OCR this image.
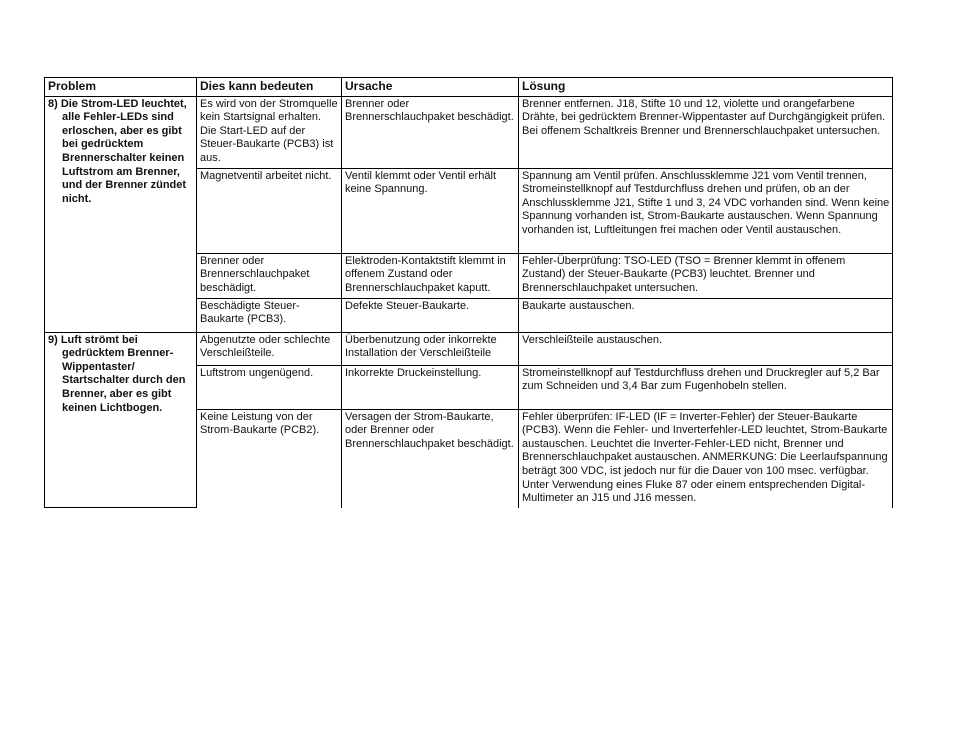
Problem	Dies kann bedeuten	Ursache	Lösung

8) Die Strom-LED leuchtet, alle Fehler-LEDs sind erloschen, aber es gibt bei gedrücktem Brennerschalter keinen Luftstrom am Brenner, und der Brenner zündet nicht.	Es wird von der Stromquelle kein Startsignal erhalten. Die Start-LED auf der Steuer-Baukarte (PCB3) ist aus.	Brenner oder Brennerschlauchpaket beschädigt.	Brenner entfernen. J18, Stifte 10 und 12, violette und orangefarbene Drähte, bei gedrücktem Brenner-Wippentaster auf Durchgängigkeit prüfen. Bei offenem Schaltkreis Brenner und Brennerschlauchpaket untersuchen.
	Magnetventil arbeitet nicht.	Ventil klemmt oder Ventil erhält keine Spannung.	Spannung am Ventil prüfen. Anschlussklemme J21 vom Ventil trennen, Stromeinstellknopf auf Testdurchfluss drehen und prüfen, ob an der Anschlussklemme J21, Stifte 1 und 3, 24 VDC vorhanden sind. Wenn keine Spannung vorhanden ist, Strom-Baukarte austauschen. Wenn Spannung vorhanden ist, Luftleitungen frei machen oder Ventil austauschen.
	Brenner oder Brennerschlauchpaket beschädigt.	Elektroden-Kontaktstift klemmt in offenem Zustand oder Brennerschlauchpaket kaputt.	Fehler-Überprüfung: TSO-LED (TSO = Brenner klemmt in offenem Zustand) der Steuer-Baukarte (PCB3) leuchtet. Brenner und Brennerschlauchpaket untersuchen.
	Beschädigte Steuer-Baukarte (PCB3).	Defekte Steuer-Baukarte.	Baukarte austauschen.

9) Luft strömt bei gedrücktem Brenner-Wippentaster/ Startschalter durch den Brenner, aber es gibt keinen Lichtbogen.	Abgenutzte oder schlechte Verschleißteile.	Überbenutzung oder inkorrekte Installation der Verschleißteile	Verschleißteile austauschen.
	Luftstrom ungenügend.	Inkorrekte Druckeinstellung.	Stromeinstellknopf auf Testdurchfluss drehen und Druckregler auf 5,2 Bar zum Schneiden und 3,4 Bar zum Fugenhobeln stellen.
	Keine Leistung von der Strom-Baukarte (PCB2).	Versagen der Strom-Baukarte, oder Brenner oder Brennerschlauchpaket beschädigt.	Fehler überprüfen: IF-LED (IF = Inverter-Fehler) der Steuer-Baukarte (PCB3). Wenn die Fehler- und Inverterfehler-LED leuchtet, Strom-Baukarte austauschen. Leuchtet die Inverter-Fehler-LED nicht, Brenner und Brennerschlauchpaket austauschen. ANMERKUNG: Die Leerlaufspannung beträgt 300 VDC, ist jedoch nur für die Dauer von 100 msec. verfügbar. Unter Verwendung eines Fluke 87 oder einem entsprechenden Digital-Multimeter an J15 und J16 messen.
